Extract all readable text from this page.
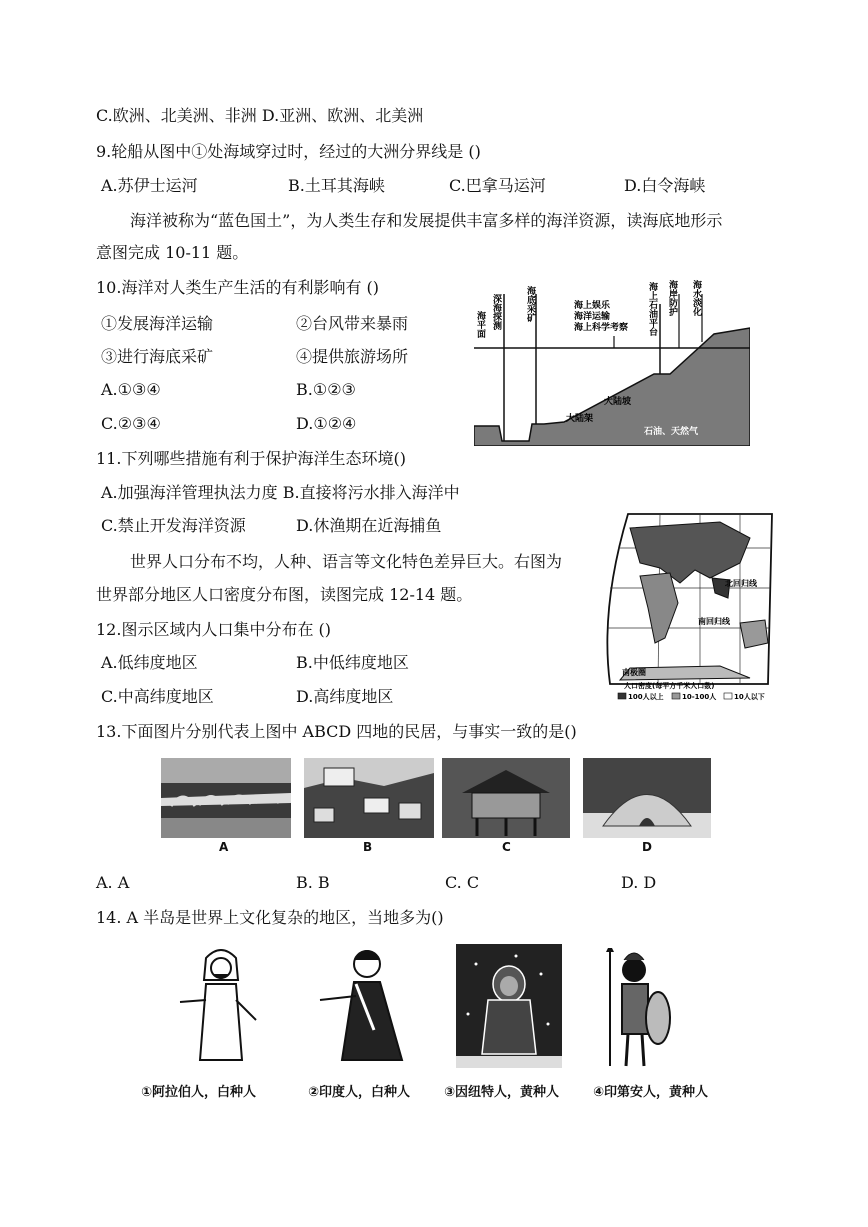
C.欧洲、北美洲、非洲 D.亚洲、欧洲、北美洲
9.轮船从图中①处海域穿过时，经过的大洲分界线是 ()
A.苏伊士运河	B.土耳其海峡	C.巴拿马运河	D.白令海峡
海洋被称为“蓝色国土”，为人类生存和发展提供丰富多样的海洋资源，读海底地形示
意图完成 10-11 题。
10.海洋对人类生产生活的有利影响有 ()
①发展海洋运输	②台风带来暴雨
③进行海底采矿	④提供旅游场所
A.①③④	B.①②③
C.②③④	D.①②④
海平面 深海探测	海底采矿	海上石油平台 海岸防护 海水淡化
海沟
海上娱乐
海洋运输
海上科学考察
大陆坡
大陆架
海盆	石油、天然气
11.下列哪些措施有利于保护海洋生态环境()
A.加强海洋管理执法力度 B.直接将污水排入海洋中
C.禁止开发海洋资源	D.休渔期在近海捕鱼
世界人口分布不均，人种、语言等文化特色差异巨大。右图为
世界部分地区人口密度分布图，读图完成 12-14 题。
北回归线
南回归线
南极圈
人口密度(每平方千米人口数)
100人以上	10-100人	10人以下
12.图示区域内人口集中分布在 ()
A.低纬度地区	B.中低纬度地区
C.中高纬度地区	D.高纬度地区
13.下面图片分别代表上图中 ABCD 四地的民居，与事实一致的是()
A	B	C	D
A. A	B. B	C. C	D. D
14. A 半岛是世界上文化复杂的地区，当地多为()
①阿拉伯人，白种人	②印度人，白种人	③因纽特人，黄种人	④印第安人，黄种人
